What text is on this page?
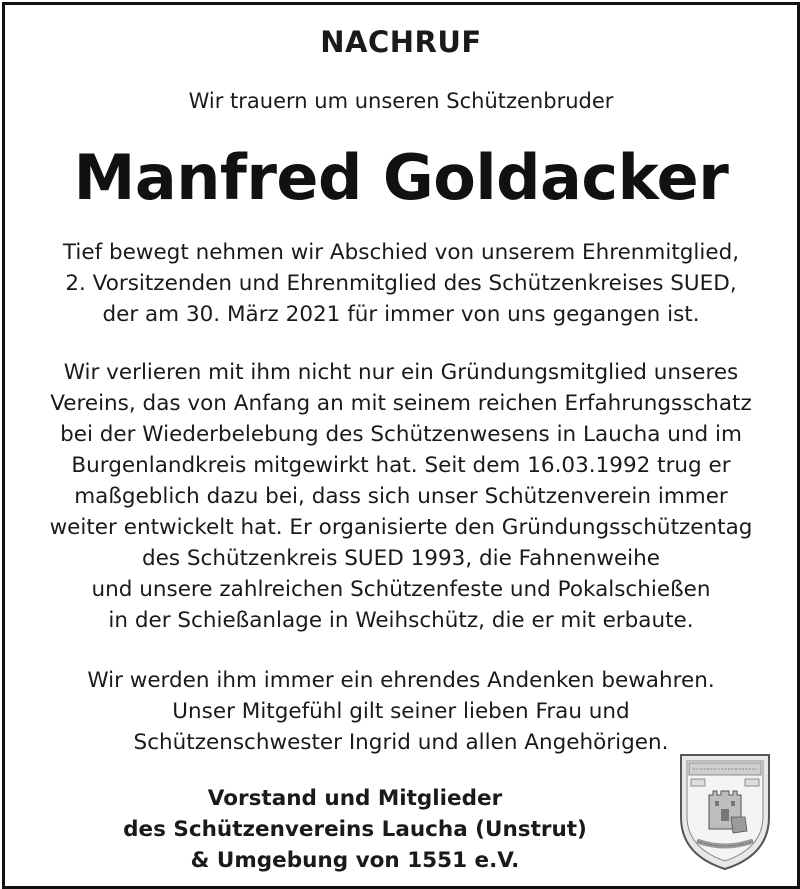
NACHRUF
Wir trauern um unseren Schützenbruder
Manfred Goldacker
Tief bewegt nehmen wir Abschied von unserem Ehrenmitglied,
2. Vorsitzenden und Ehrenmitglied des Schützenkreises SUED,
der am 30. März 2021 für immer von uns gegangen ist.
Wir verlieren mit ihm nicht nur ein Gründungsmitglied unseres
Vereins, das von Anfang an mit seinem reichen Erfahrungsschatz
bei der Wiederbelebung des Schützenwesens in Laucha und im
Burgenlandkreis mitgewirkt hat. Seit dem 16.03.1992 trug er
maßgeblich dazu bei, dass sich unser Schützenverein immer
weiter entwickelt hat. Er organisierte den Gründungsschützentag
des Schützenkreis SUED 1993, die Fahnenweihe
und unsere zahlreichen Schützenfeste und Pokalschießen
in der Schießanlage in Weihschütz, die er mit erbaute.
Wir werden ihm immer ein ehrendes Andenken bewahren.
Unser Mitgefühl gilt seiner lieben Frau und
Schützenschwester Ingrid und allen Angehörigen.
Vorstand und Mitglieder
des Schützenvereins Laucha (Unstrut)
& Umgebung von 1551 e.V.
